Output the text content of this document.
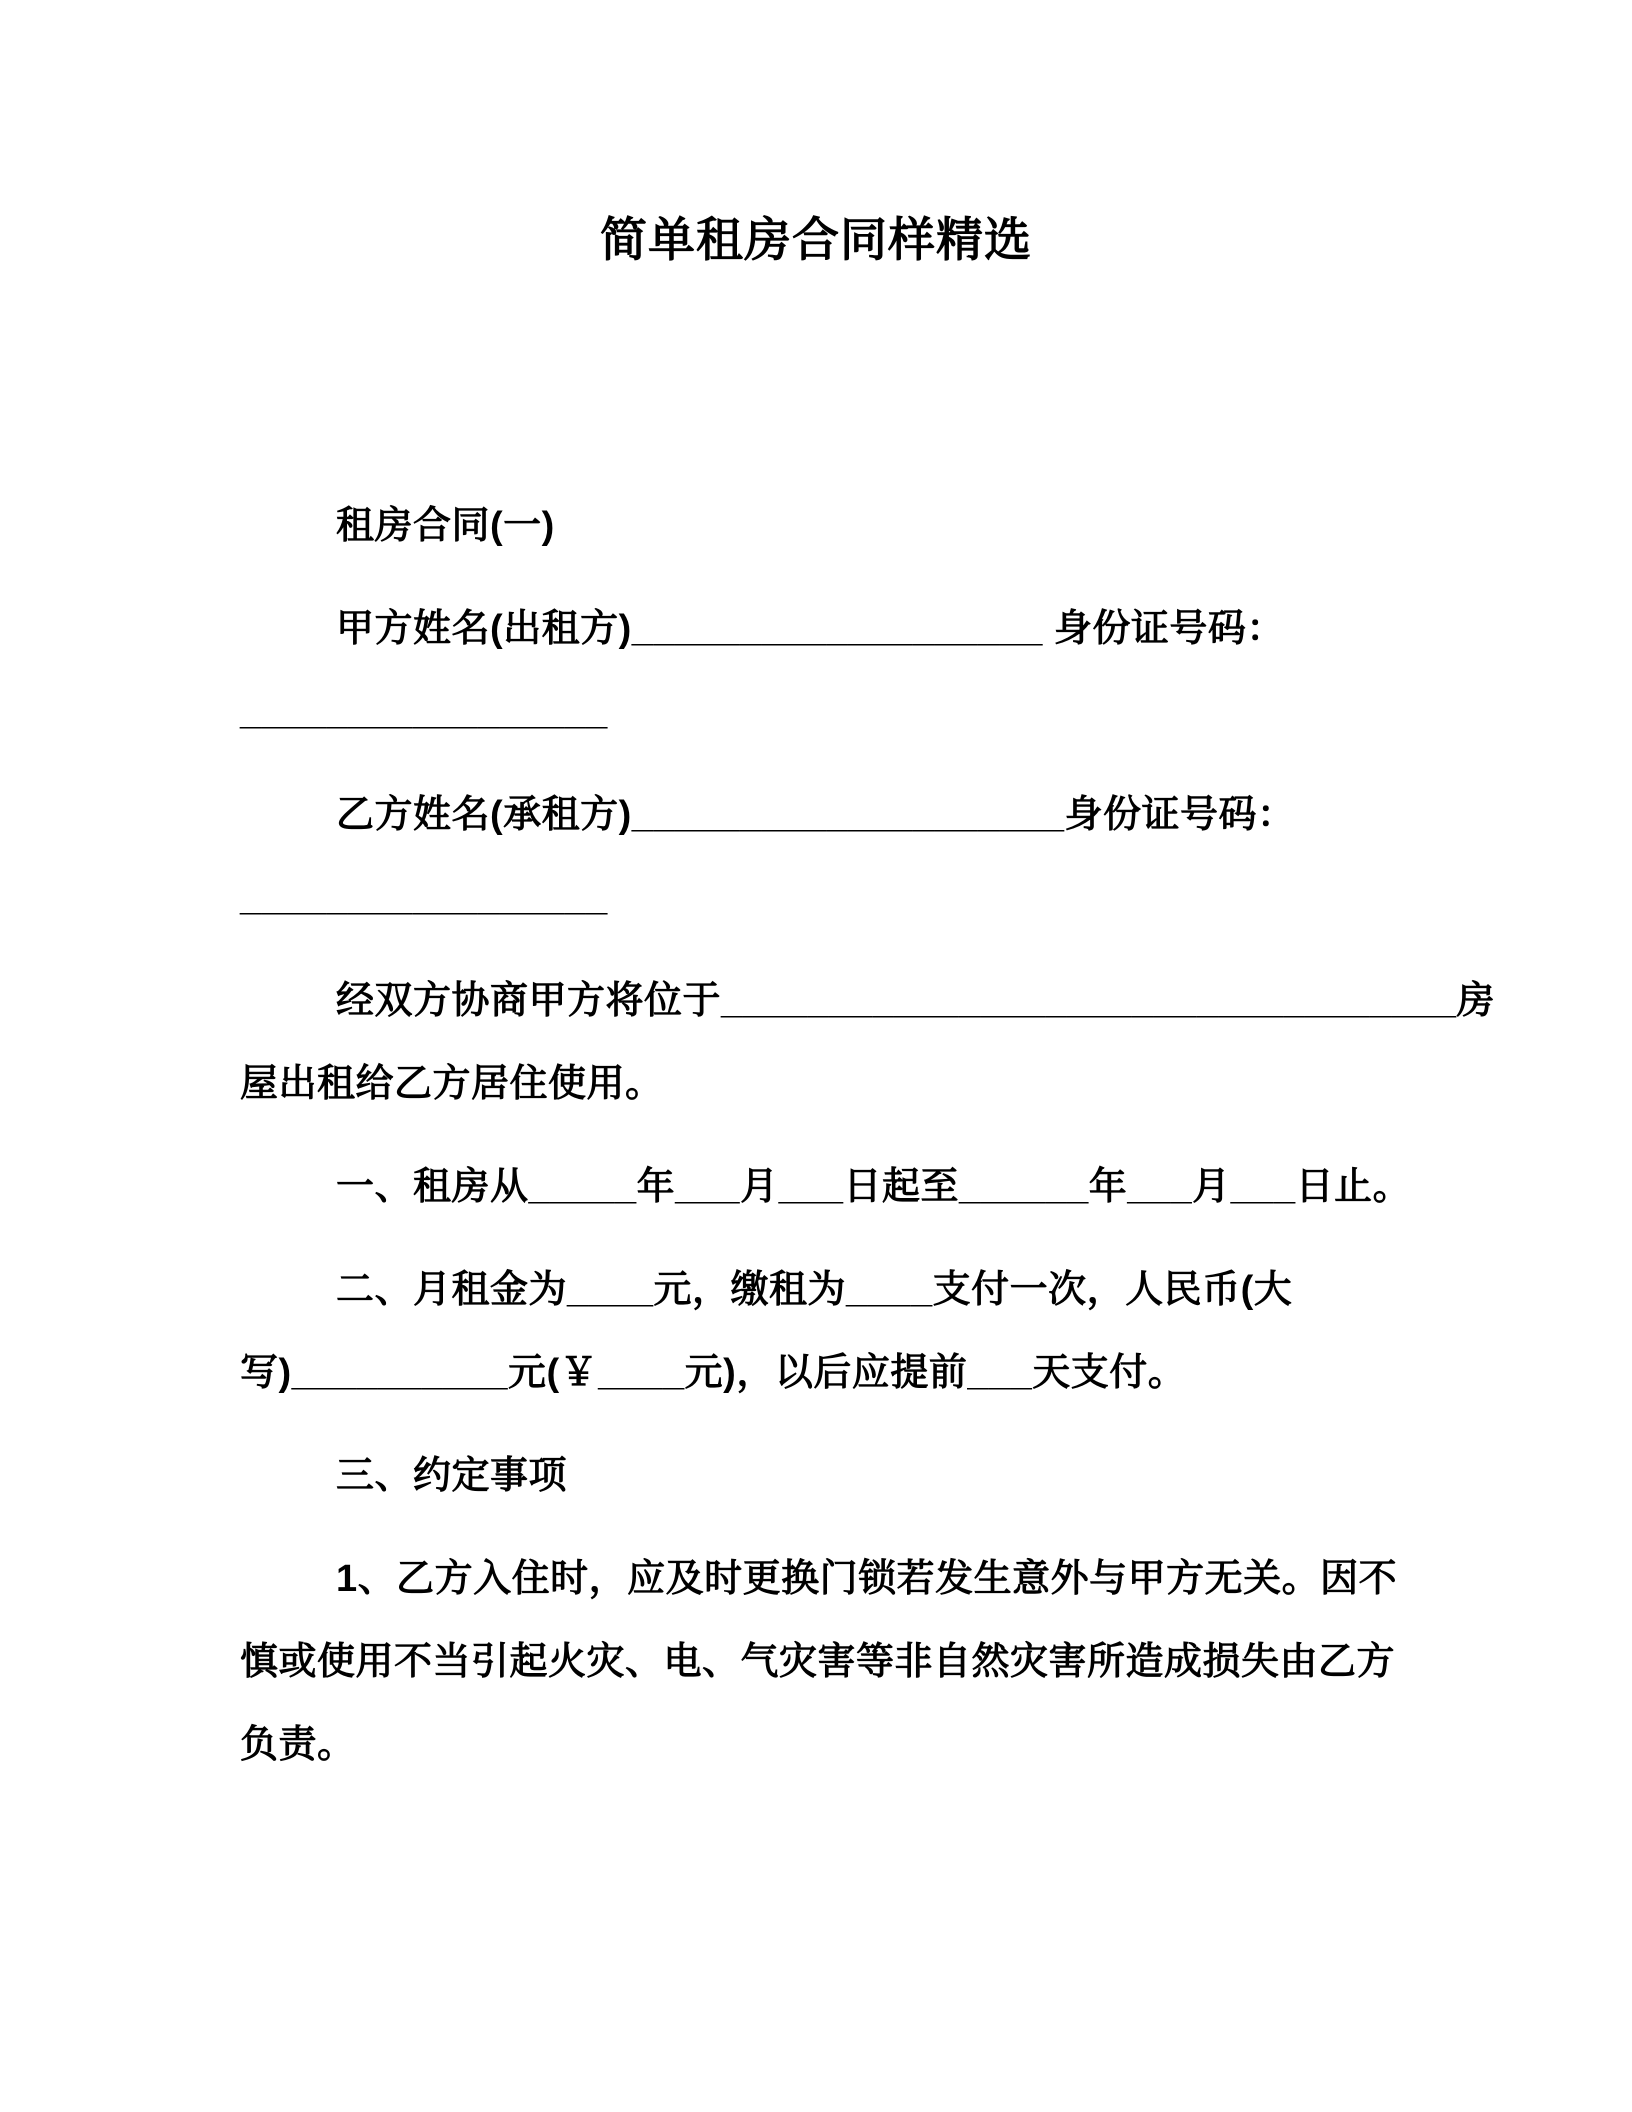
简单租房合同样精选
租房合同(一)
甲方姓名(出租方)___________________ 身份证号码：
_________________
乙方姓名(承租方)____________________身份证号码：
_________________
经双方协商甲方将位于__________________________________房
屋出租给乙方居住使用。
一、租房从_____年___月___日起至______年___月___日止。
二、月租金为____元，缴租为____支付一次，人民币(大
写)__________元(￥____元)，以后应提前___天支付。
三、约定事项
1、乙方入住时，应及时更换门锁若发生意外与甲方无关。因不
慎或使用不当引起火灾、电、气灾害等非自然灾害所造成损失由乙方
负责。
